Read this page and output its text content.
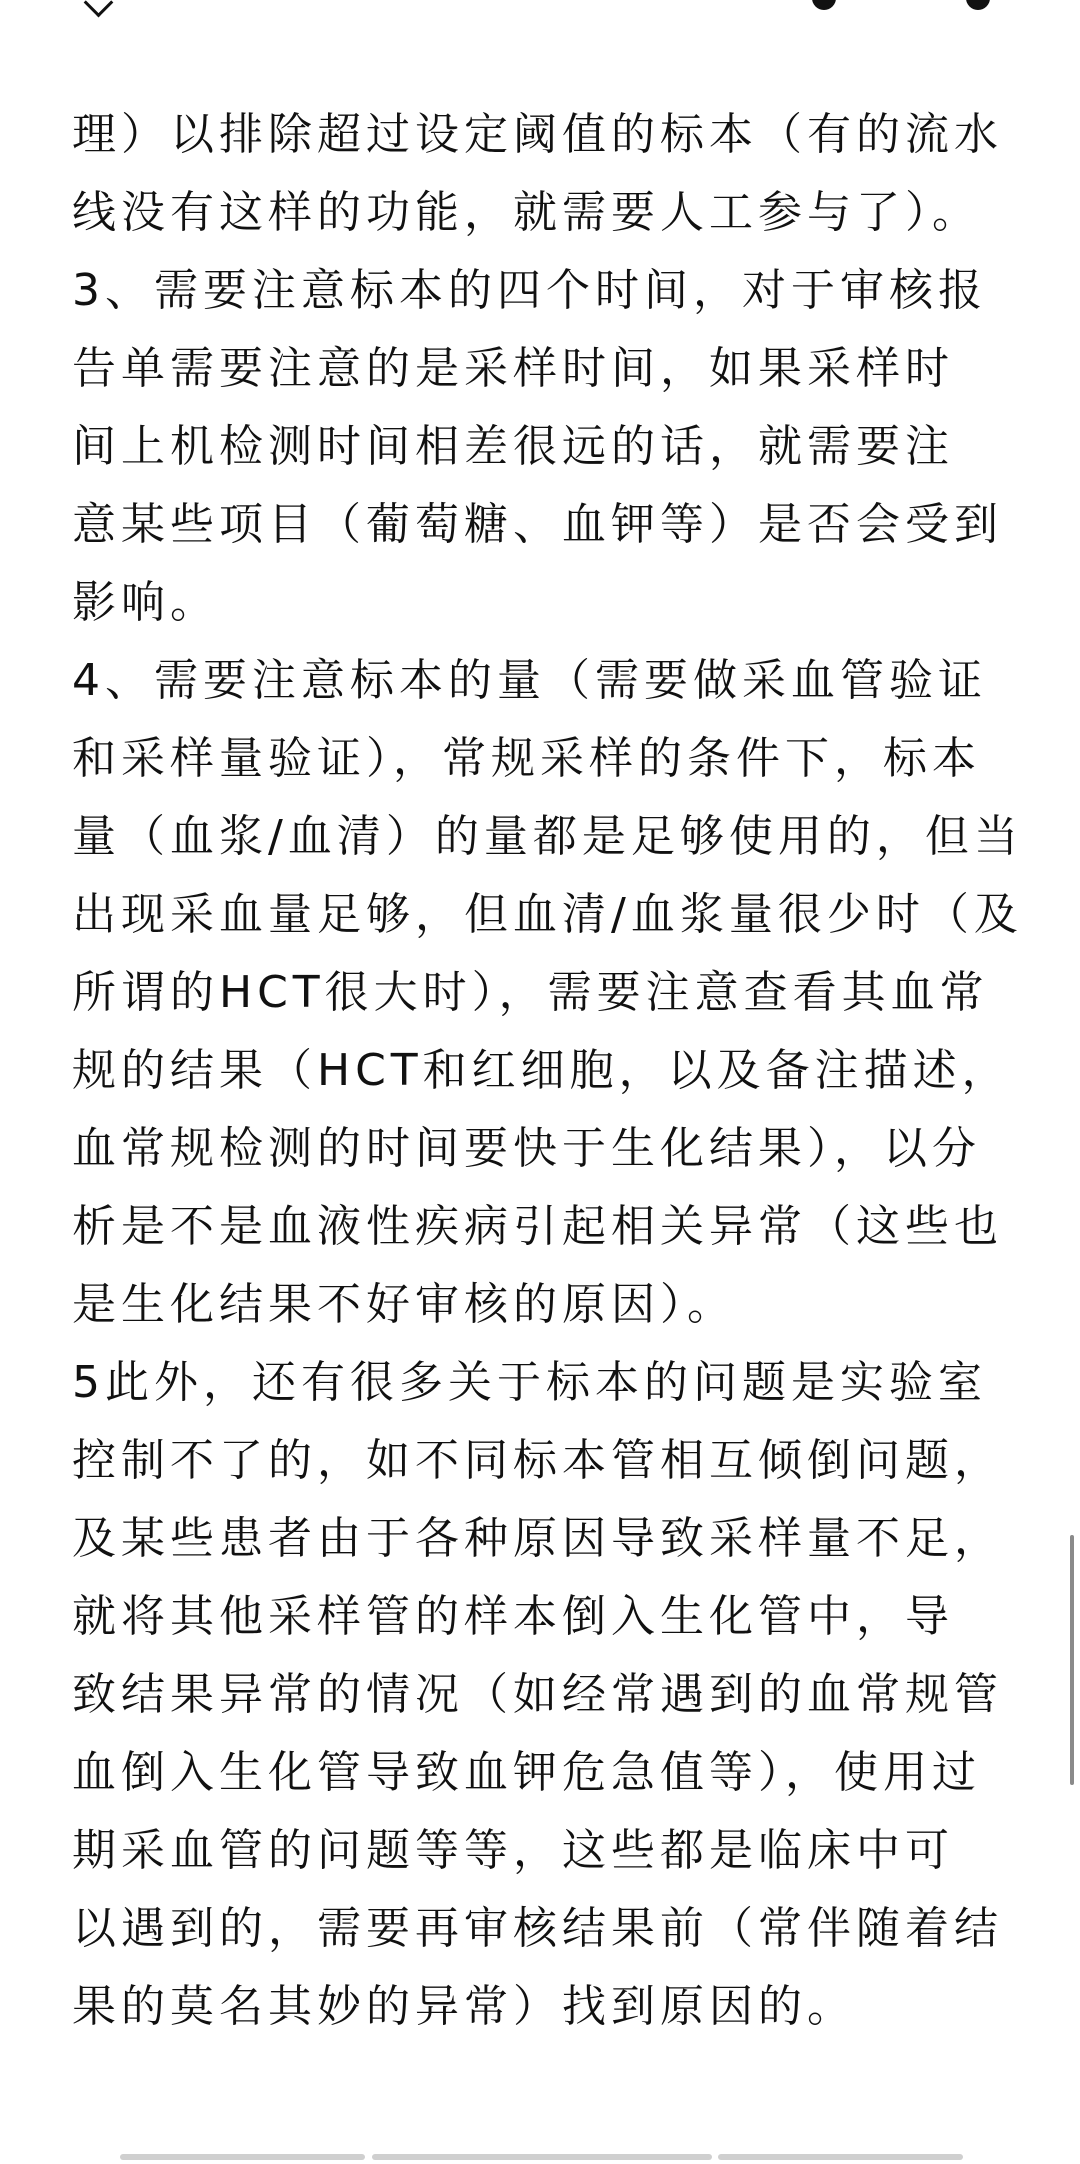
理）以排除超过设定阈值的标本（有的流水
线没有这样的功能，就需要人工参与了）。
3、需要注意标本的四个时间，对于审核报
告单需要注意的是采样时间，如果采样时
间上机检测时间相差很远的话，就需要注
意某些项目（葡萄糖、血钾等）是否会受到
影响。
4、需要注意标本的量（需要做采血管验证
和采样量验证），常规采样的条件下，标本
量（血浆/血清）的量都是足够使用的，但当
出现采血量足够，但血清/血浆量很少时（及
所谓的HCT很大时），需要注意查看其血常
规的结果（HCT和红细胞，以及备注描述，
血常规检测的时间要快于生化结果），以分
析是不是血液性疾病引起相关异常（这些也
是生化结果不好审核的原因）。
5此外，还有很多关于标本的问题是实验室
控制不了的，如不同标本管相互倾倒问题，
及某些患者由于各种原因导致采样量不足，
就将其他采样管的样本倒入生化管中，导
致结果异常的情况（如经常遇到的血常规管
血倒入生化管导致血钾危急值等），使用过
期采血管的问题等等，这些都是临床中可
以遇到的，需要再审核结果前（常伴随着结
果的莫名其妙的异常）找到原因的。
